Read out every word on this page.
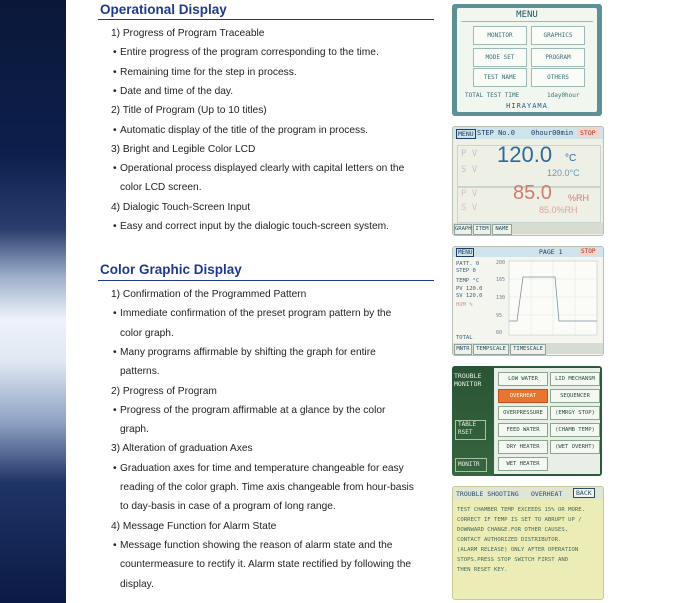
Operational Display
1) Progress of Program Traceable
• Entire progress of the program corresponding to the time.
• Remaining time for the step in process.
• Date and time of the day.
2) Title of Program (Up to 10 titles)
• Automatic display of the title of the program in process.
3) Bright and Legible Color LCD
• Operational process displayed clearly with capital letters on the
color LCD screen.
4) Dialogic Touch-Screen Input
• Easy and correct input by the dialogic touch-screen system.
Color Graphic Display
1) Confirmation of the Programmed Pattern
• Immediate confirmation of the preset program pattern by the
color graph.
• Many programs affirmable by shifting the graph for entire
patterns.
2) Progress of Program
• Progress of the program affirmable at a glance by the color
graph.
3) Alteration of graduation Axes
• Graduation axes for time and temperature changeable for easy
reading of the color graph. Time axis changeable from hour-basis
to day-basis in case of a program of long range.
4) Message Function for Alarm State
• Message function showing the reason of alarm state and the
countermeasure to rectify it. Alarm state rectified by following the
display.
MENU
MONITOR	GRAPHICS
MODE SET	PROGRAM
TEST NAME	OTHERS
TOTAL TEST TIME	1day0hour
HIRAYAMA
MENU STEP No.0 0hour00min	STOP
P V
S V
120.0 °C
120.0°C
P V
S V
85.0 %RH
85.0%RH
GRAPH ITEM	NAME
MENU	PAGE 1	STOP
PATT. 0
STEP 0
TEMP °C
PV 120.0
SV 120.0
HUM %
TOTAL
200
165
130
95
60
MNTR	TEMPSCALE	TIMESCALE
TROUBLE
MONITOR
TABLE
RSET
MONITR
LOW WATER	LID MECHANSM
OVERHEAT	SEQUENCER
OVERPRESSURE	(EMRGY STOP)
FEED WATER	(CHAMB TEMP)
DRY HEATER	(WET OVERHT)
WET HEATER
TROUBLE SHOOTING OVERHEAT	BACK
TEST CHAMBER TEMP EXCEEDS 15% OR MORE.
CORRECT IF TEMP IS SET TO ABRUPT UP /
DOWNWARD CHANGE.FOR OTHER CAUSES,
CONTACT AUTHORIZED DISTRIBUTOR.
(ALARM RELEASE) ONLY AFTER OPERATION
STOPS.PRESS STOP SWITCH FIRST AND
THEN RESET KEY.
